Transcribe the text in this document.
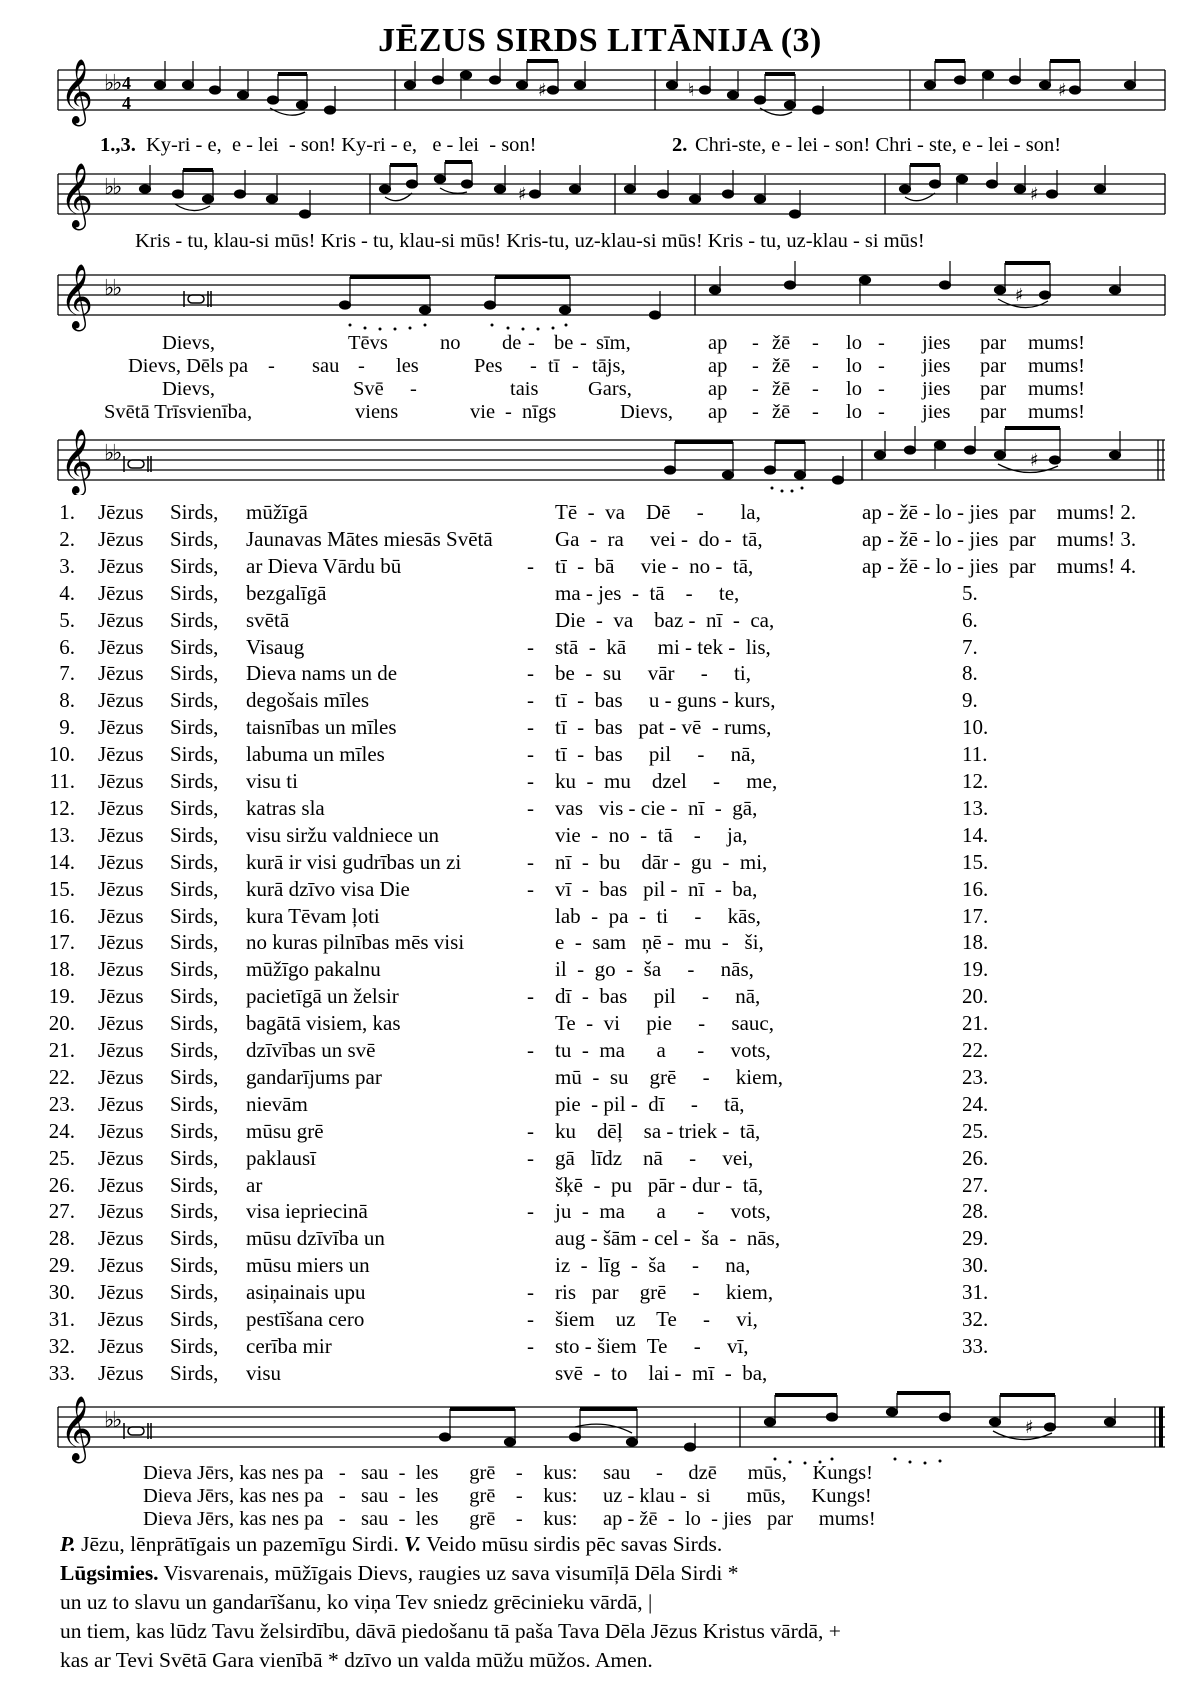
JĒZUS SIRDS LITĀNIJA (3)
𝄞 ♭
♭ 4
4
♯	♮	♯
1.,3. Ky-ri - e,  e - lei  - son! Ky-ri - e,   e - lei  - son!	2. Chri-ste, e - lei - son! Chri - ste, e - lei - son!
𝄞 ♭
♭	♯	♯
Kris - tu, klau-si mūs! Kris - tu, klau-si mūs! Kris-tu, uz-klau-si mūs! Kris - tu, uz-klau - si mūs!
𝄞 ♭
♭	♯
Dievs,	Tēvs	no de - be - sīm,	ap - žē - lo - jies par mums!
Dievs, Dēls pa - sau - les	Pes - tī - tājs,	ap - žē - lo - jies par mums!
Dievs,	Svē -	tais Gars,	ap - žē - lo - jies par mums!
Svētā Trīsvienība,	viens	vie - nīgs	Dievs, ap - žē - lo - jies par mums!
𝄞 ♭
♭	♯
1. Jēzus Sirds, mūžīgā	Tē  -  va    Dē     -       la,	ap - žē - lo - jies  par    mums! 2.
2. Jēzus Sirds, Jaunavas Mātes miesās Svētā	Ga  -  ra     vei -  do -  tā,	ap - žē - lo - jies  par    mums! 3.
3. Jēzus Sirds, ar Dieva Vārdu bū	- tī  -  bā     vie -  no -  tā,	ap - žē - lo - jies  par    mums! 4.
4. Jēzus Sirds, bezgalīgā	ma - jes  -  tā    -     te,	5.
5. Jēzus Sirds, svētā	Die  -  va    baz -  nī  -  ca,	6.
6. Jēzus Sirds, Visaug	- stā  -  kā      mi - tek -  lis,	7.
7. Jēzus Sirds, Dieva nams un de	- be  -  su     vār     -     ti,	8.
8. Jēzus Sirds, degošais mīles	- tī  -  bas     u - guns - kurs,	9.
9. Jēzus Sirds, taisnības un mīles	- tī  -  bas   pat - vē  - rums,	10.
10. Jēzus Sirds, labuma un mīles	- tī  -  bas     pil     -     nā,	11.
11. Jēzus Sirds, visu ti	- ku  -  mu    dzel     -     me,	12.
12. Jēzus Sirds, katras sla	- vas   vis - cie -  nī  -  gā,	13.
13. Jēzus Sirds, visu siržu valdniece un	vie  -  no  -  tā    -     ja,	14.
14. Jēzus Sirds, kurā ir visi gudrības un zi	- nī  -  bu    dār -  gu  -  mi,	15.
15. Jēzus Sirds, kurā dzīvo visa Die	- vī  -  bas   pil -  nī  -  ba,	16.
16. Jēzus Sirds, kura Tēvam ļoti	lab  -  pa  -  ti     -     kās,	17.
17. Jēzus Sirds, no kuras pilnības mēs visi	e  -  sam   ņē -  mu  -   ši,	18.
18. Jēzus Sirds, mūžīgo pakalnu	il  -  go  -  ša     -     nās,	19.
19. Jēzus Sirds, pacietīgā un želsir	- dī  -  bas     pil     -     nā,	20.
20. Jēzus Sirds, bagātā visiem, kas	Te  -  vi     pie     -     sauc,	21.
21. Jēzus Sirds, dzīvības un svē	- tu  -  ma      a      -     vots,	22.
22. Jēzus Sirds, gandarījums par	mū  -  su    grē     -     kiem,	23.
23. Jēzus Sirds, nievām	pie  - pil -  dī     -     tā,	24.
24. Jēzus Sirds, mūsu grē	- ku    dēļ    sa - triek -  tā,	25.
25. Jēzus Sirds, paklausī	- gā   līdz    nā     -     vei,	26.
26. Jēzus Sirds, ar	šķē  -  pu   pār - dur -  tā,	27.
27. Jēzus Sirds, visa iepriecinā	- ju  -  ma      a      -     vots,	28.
28. Jēzus Sirds, mūsu dzīvība un	aug - šām - cel -  ša  -  nās,	29.
29. Jēzus Sirds, mūsu miers un	iz  -  līg  -  ša     -     na,	30.
30. Jēzus Sirds, asiņainais upu	- ris   par    grē     -     kiem,	31.
31. Jēzus Sirds, pestīšana cero	- šiem    uz    Te     -     vi,	32.
32. Jēzus Sirds, cerība mir	- sto - šiem  Te     -     vī,	33.
33. Jēzus Sirds, visu	svē  -  to    lai -  mī  -  ba,
𝄞 ♭
♭	♯
Dieva Jērs, kas nes pa   -   sau  -  les      grē    -    kus:     sau     -     dzē      mūs,     Kungs!
Dieva Jērs, kas nes pa   -   sau  -  les      grē    -    kus:     uz - klau -  si       mūs,     Kungs!
Dieva Jērs, kas nes pa   -   sau  -  les      grē    -    kus:     ap - žē  -  lo  - jies   par     mums!
P. Jēzu, lēnprātīgais un pazemīgu Sirdi. V. Veido mūsu sirdis pēc savas Sirds.
Lūgsimies. Visvarenais, mūžīgais Dievs, raugies uz sava visumīļā Dēla Sirdi *
un uz to slavu un gandarīšanu, ko viņa Tev sniedz grēcinieku vārdā, |
un tiem, kas lūdz Tavu želsirdību, dāvā piedošanu tā paša Tava Dēla Jēzus Kristus vārdā, +
kas ar Tevi Svētā Gara vienībā * dzīvo un valda mūžu mūžos. Amen.
